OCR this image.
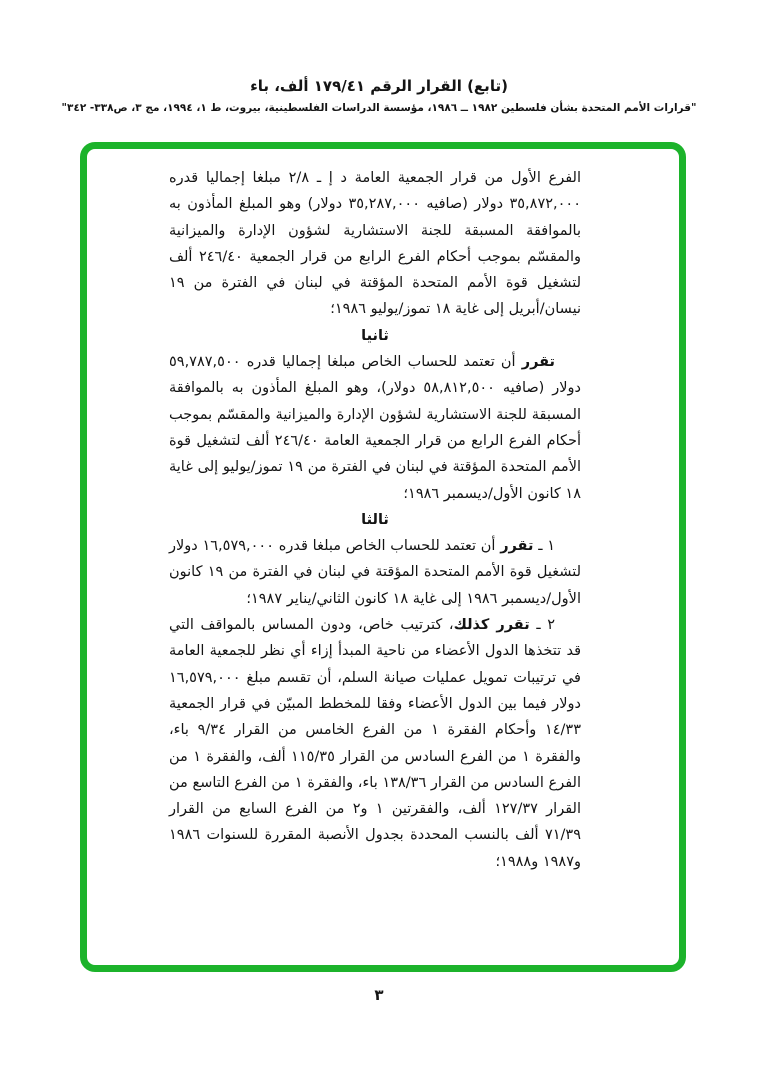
(تابع) القرار الرقم ١٧٩/٤١ ألف، باء
"قرارات الأمم المتحدة بشأن فلسطين ١٩٨٢ ــ ١٩٨٦، مؤسسة الدراسات الفلسطينية، بيروت، ط ١، ١٩٩٤، مج ٣، ص٣٣٨- ٣٤٢"

الفرع الأول من قرار الجمعية العامة د إ ـ ٢/٨ مبلغا إجماليا قدره ٣٥,٨٧٢,٠٠٠ دولار (صافيه ٣٥,٢٨٧,٠٠٠ دولار) وهو المبلغ المأذون به بالموافقة المسبقة للجنة الاستشارية لشؤون الإدارة والميزانية والمقسّم بموجب أحكام الفرع الرابع من قرار الجمعية ٢٤٦/٤٠ ألف لتشغيل قوة الأمم المتحدة المؤقتة في لبنان في الفترة من ١٩ نيسان/أبريل إلى غاية ١٨ تموز/يوليو ١٩٨٦؛

ثانيا

تقرر أن تعتمد للحساب الخاص مبلغا إجماليا قدره ٥٩,٧٨٧,٥٠٠ دولار (صافيه ٥٨,٨١٢,٥٠٠ دولار)، وهو المبلغ المأذون به بالموافقة المسبقة للجنة الاستشارية لشؤون الإدارة والميزانية والمقسّم بموجب أحكام الفرع الرابع من قرار الجمعية العامة ٢٤٦/٤٠ ألف لتشغيل قوة الأمم المتحدة المؤقتة في لبنان في الفترة من ١٩ تموز/يوليو إلى غاية ١٨ كانون الأول/ديسمبر ١٩٨٦؛

ثالثا

١ ـ تقرر أن تعتمد للحساب الخاص مبلغا قدره ١٦,٥٧٩,٠٠٠ دولار لتشغيل قوة الأمم المتحدة المؤقتة في لبنان في الفترة من ١٩ كانون الأول/ديسمبر ١٩٨٦ إلى غاية ١٨ كانون الثاني/يناير ١٩٨٧؛

٢ ـ تقرر كذلك، كترتيب خاص، ودون المساس بالمواقف التي قد تتخذها الدول الأعضاء من ناحية المبدأ إزاء أي نظر للجمعية العامة في ترتيبات تمويل عمليات صيانة السلم، أن تقسم مبلغ ١٦,٥٧٩,٠٠٠ دولار فيما بين الدول الأعضاء وفقا للمخطط المبيّن في قرار الجمعية ١٤/٣٣ وأحكام الفقرة ١ من الفرع الخامس من القرار ٩/٣٤ باء، والفقرة ١ من الفرع السادس من القرار ١١٥/٣٥ ألف، والفقرة ١ من الفرع السادس من القرار ١٣٨/٣٦ باء، والفقرة ١ من الفرع التاسع من القرار ١٢٧/٣٧ ألف، والفقرتين ١ و٢ من الفرع السابع من القرار ٧١/٣٩ ألف بالنسب المحددة بجدول الأنصبة المقررة للسنوات ١٩٨٦ و١٩٨٧ و١٩٨٨؛

٣
